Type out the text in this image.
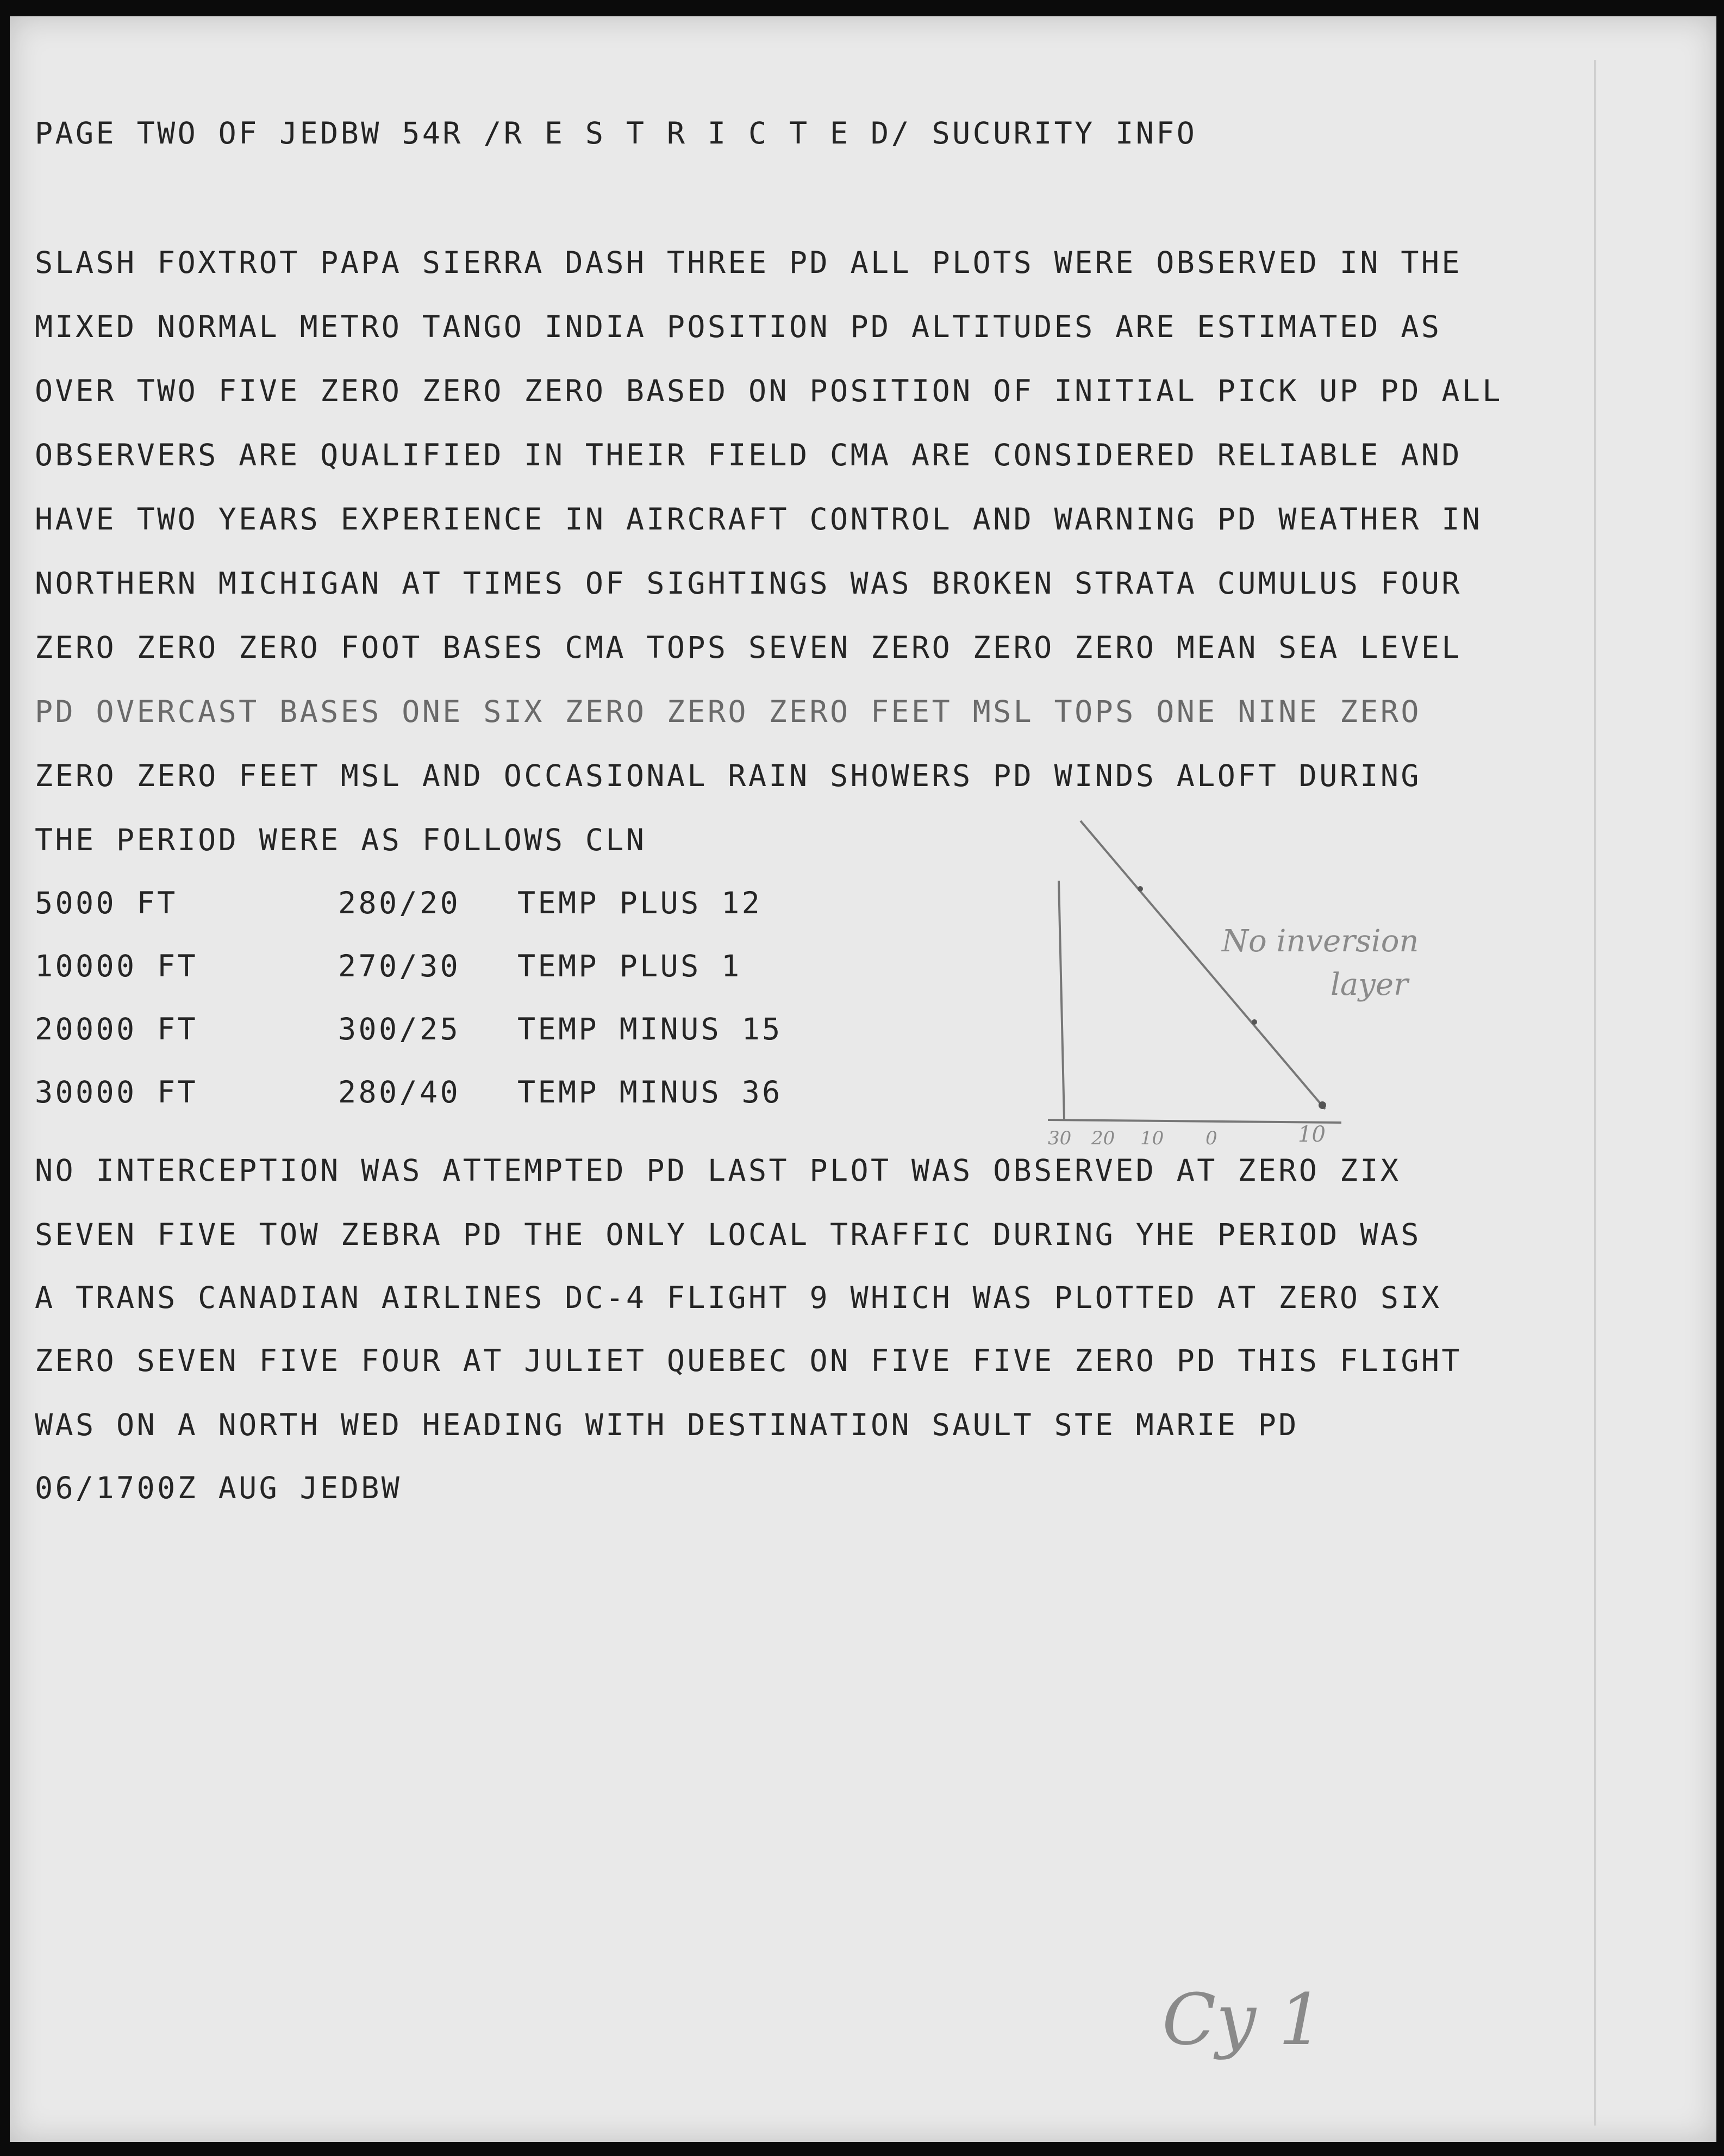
PAGE TWO OF JEDBW 54R /R E S T R I C T E D/ SUCURITY INFO

SLASH FOXTROT PAPA SIERRA DASH THREE PD ALL PLOTS WERE OBSERVED IN THE

MIXED NORMAL METRO TANGO INDIA POSITION PD ALTITUDES ARE ESTIMATED AS

OVER TWO FIVE ZERO ZERO ZERO BASED ON POSITION OF INITIAL PICK UP PD ALL

OBSERVERS ARE QUALIFIED IN THEIR FIELD CMA ARE CONSIDERED RELIABLE AND

HAVE TWO YEARS EXPERIENCE IN AIRCRAFT CONTROL AND WARNING PD WEATHER IN

NORTHERN MICHIGAN AT TIMES OF SIGHTINGS WAS BROKEN STRATA CUMULUS FOUR

ZERO ZERO ZERO FOOT BASES CMA TOPS SEVEN ZERO ZERO ZERO MEAN SEA LEVEL

PD OVERCAST BASES ONE SIX ZERO ZERO ZERO FEET MSL TOPS ONE NINE ZERO

ZERO ZERO FEET MSL AND OCCASIONAL RAIN SHOWERS PD WINDS ALOFT DURING

THE PERIOD WERE AS FOLLOWS CLN

5000 FT	280/20 TEMP PLUS 12

10000 FT	270/30 TEMP PLUS 1

20000 FT	300/25 TEMP MINUS 15

30000 FT	280/40 TEMP MINUS 36

NO INTERCEPTION WAS ATTEMPTED PD LAST PLOT WAS OBSERVED AT ZERO ZIX

SEVEN FIVE TOW ZEBRA PD THE ONLY LOCAL TRAFFIC DURING YHE PERIOD WAS

A TRANS CANADIAN AIRLINES DC-4 FLIGHT 9 WHICH WAS PLOTTED AT ZERO SIX

ZERO SEVEN FIVE FOUR AT JULIET QUEBEC ON FIVE FIVE ZERO PD THIS FLIGHT

WAS ON A NORTH WED HEADING WITH DESTINATION SAULT STE MARIE PD

06/1700Z AUG JEDBW

30 20 10 0	10
No inversion
layer
Cy 1
